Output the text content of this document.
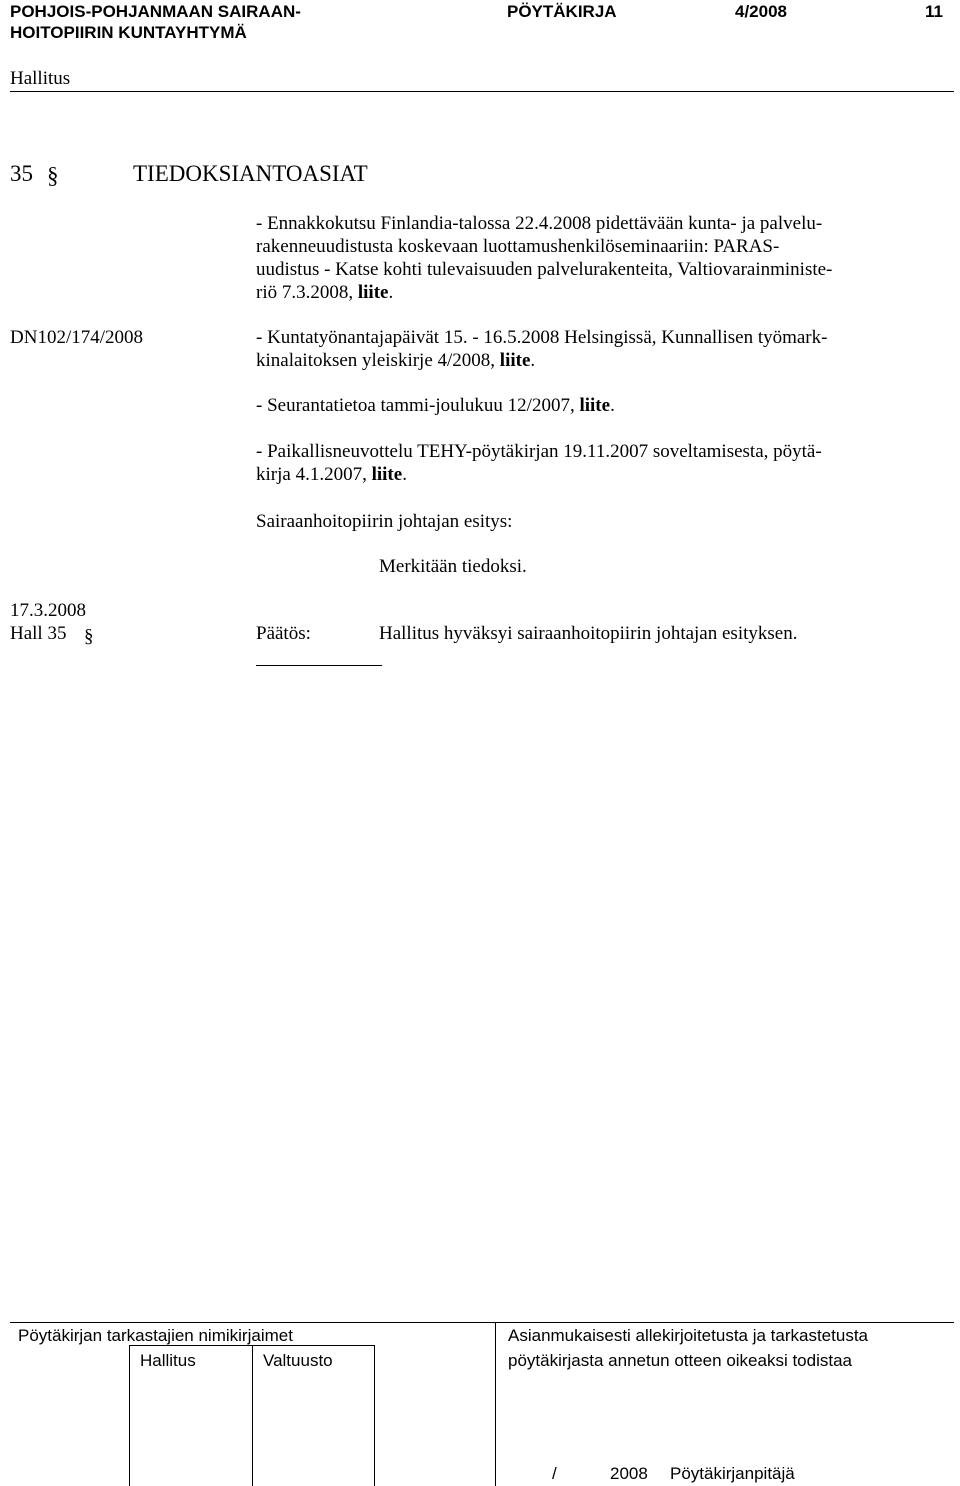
POHJOIS-POHJANMAAN SAIRAAN-
HOITOPIIRIN KUNTAYHTYMÄ
PÖYTÄKIRJA	4/2008	11
Hallitus
35 §	TIEDOKSIANTOASIAT
- Ennakkokutsu Finlandia-talossa 22.4.2008 pidettävään kunta- ja palvelu-
rakenneuudistusta koskevaan luottamushenkilöseminaariin: PARAS-
uudistus - Katse kohti tulevaisuuden palvelurakenteita, Valtiovarainministe-
riö 7.3.2008, liite.
DN102/174/2008	- Kuntatyönantajapäivät 15. - 16.5.2008 Helsingissä, Kunnallisen työmark-
kinalaitoksen yleiskirje 4/2008, liite.
- Seurantatietoa tammi-joulukuu 12/2007, liite.
- Paikallisneuvottelu TEHY-pöytäkirjan 19.11.2007 soveltamisesta, pöytä-
kirja 4.1.2007, liite.
Sairaanhoitopiirin johtajan esitys:
Merkitään tiedoksi.
17.3.2008
Hall 35 §	Päätös:	Hallitus hyväksyi sairaanhoitopiirin johtajan esityksen.
Pöytäkirjan tarkastajien nimikirjaimet
Hallitus	Valtuusto
Asianmukaisesti allekirjoitetusta ja tarkastetusta
pöytäkirjasta annetun otteen oikeaksi todistaa
/	2008 Pöytäkirjanpitäjä
